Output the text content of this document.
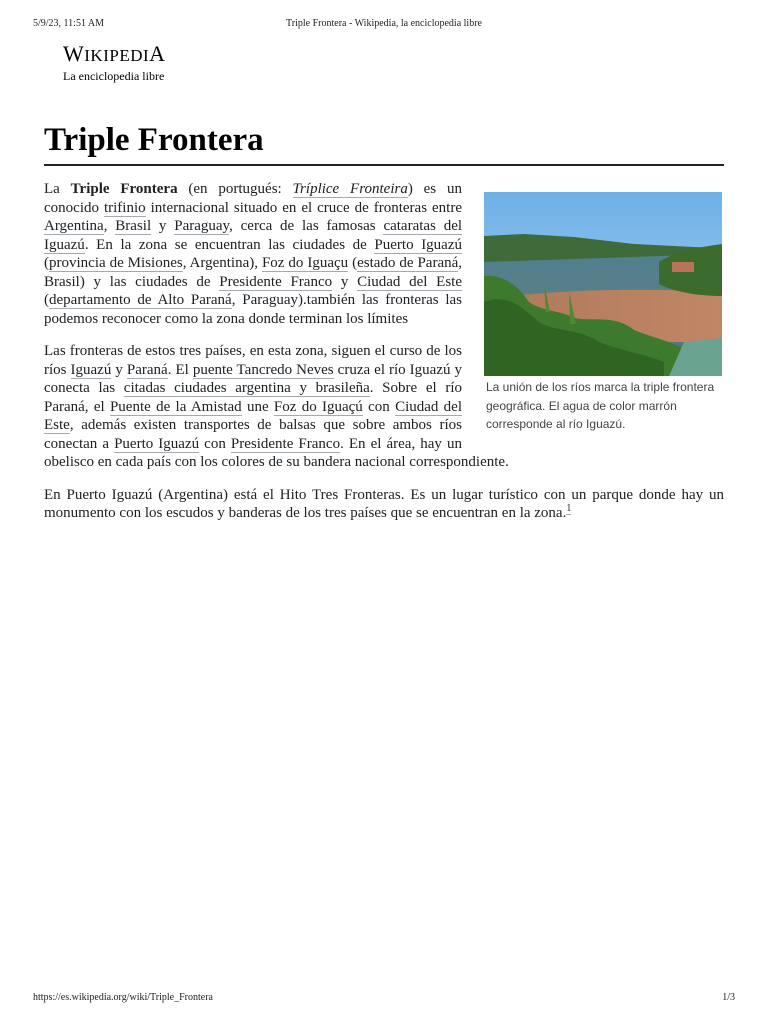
5/9/23, 11:51 AM	Triple Frontera - Wikipedia, la enciclopedia libre
WIKIPEDIA
La enciclopedia libre
Triple Frontera
La unión de los ríos marca la triple frontera geográfica. El agua de color marrón corresponde al río Iguazú.

La Triple Frontera (en portugués: Tríplice Fronteira) es un conocido trifinio internacional situado en el cruce de fronteras entre Argentina, Brasil y Paraguay, cerca de las famosas cataratas del Iguazú. En la zona se encuentran las ciudades de Puerto Iguazú (provincia de Misiones, Argentina), Foz do Iguaçu (estado de Paraná, Brasil) y las ciudades de Presidente Franco y Ciudad del Este (departamento de Alto Paraná, Paraguay).también las fronteras las podemos reconocer como la zona donde terminan los límites

Las fronteras de estos tres países, en esta zona, siguen el curso de los ríos Iguazú y Paraná. El puente Tancredo Neves cruza el río Iguazú y conecta las citadas ciudades argentina y brasileña. Sobre el río Paraná, el Puente de la Amistad une Foz do Iguaçú con Ciudad del Este, además existen transportes de balsas que sobre ambos ríos conectan a Puerto Iguazú con Presidente Franco. En el área, hay un obelisco en cada país con los colores de su bandera nacional correspondiente.

En Puerto Iguazú (Argentina) está el Hito Tres Fronteras. Es un lugar turístico con un parque donde hay un monumento con los escudos y banderas de los tres países que se encuentran en la zona.$^1$

https://es.wikipedia.org/wiki/Triple_Frontera	1/3
